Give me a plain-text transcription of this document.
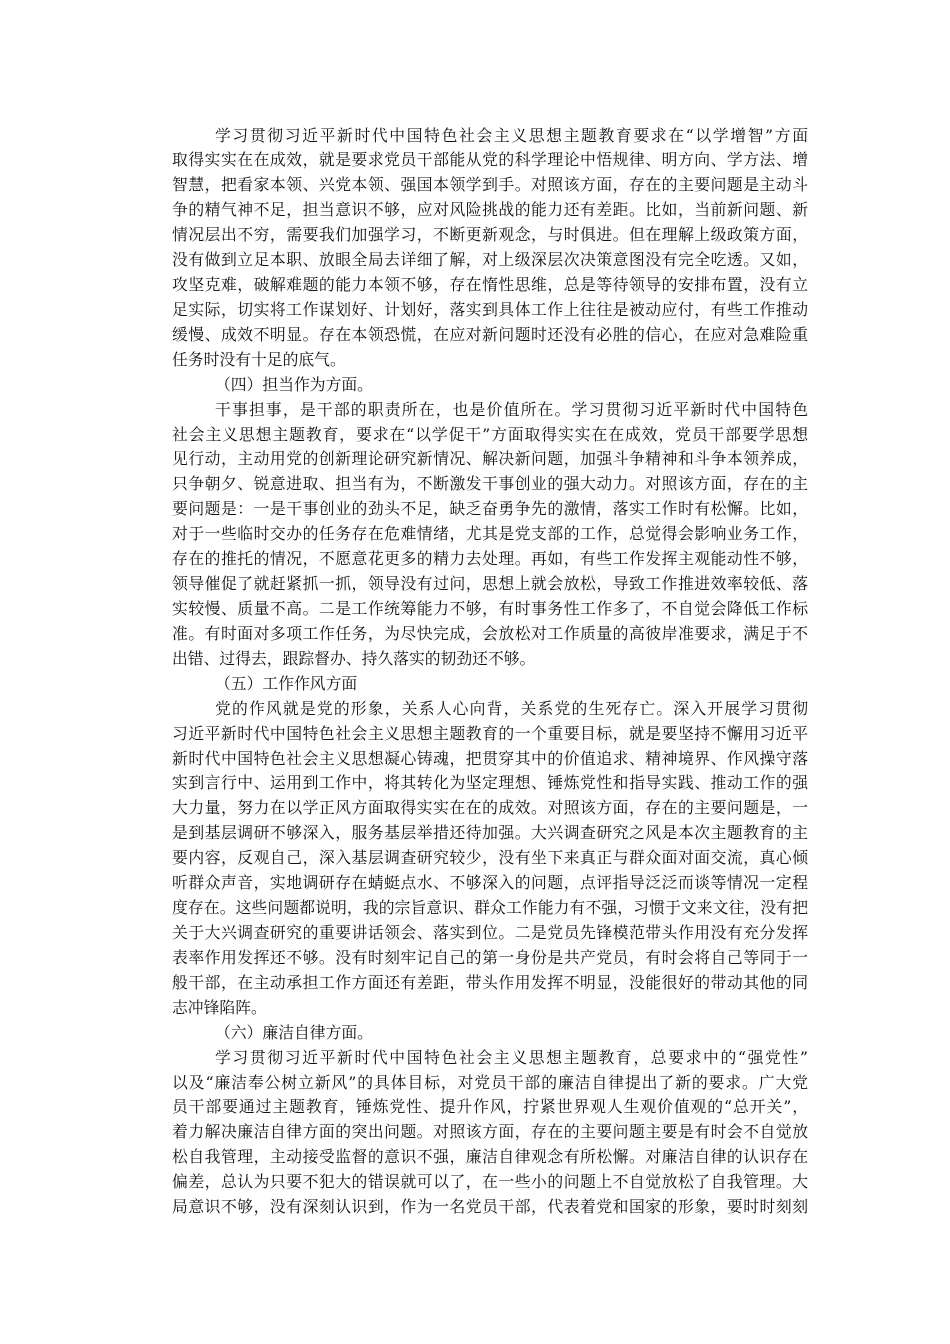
学习贯彻习近平新时代中国特色社会主义思想主题教育要求在“以学增智”方面
取得实实在在成效，就是要求党员干部能从党的科学理论中悟规律、明方向、学方法、增
智慧，把看家本领、兴党本领、强国本领学到手。对照该方面，存在的主要问题是主动斗
争的精气神不足，担当意识不够，应对风险挑战的能力还有差距。比如，当前新问题、新
情况层出不穷，需要我们加强学习，不断更新观念，与时俱进。但在理解上级政策方面，
没有做到立足本职、放眼全局去详细了解，对上级深层次决策意图没有完全吃透。又如，
攻坚克难，破解难题的能力本领不够，存在惰性思维，总是等待领导的安排布置，没有立
足实际，切实将工作谋划好、计划好，落实到具体工作上往往是被动应付，有些工作推动
缓慢、成效不明显。存在本领恐慌，在应对新问题时还没有必胜的信心，在应对急难险重
任务时没有十足的底气。
（四）担当作为方面。
干事担事，是干部的职责所在，也是价值所在。学习贯彻习近平新时代中国特色
社会主义思想主题教育，要求在“以学促干”方面取得实实在在成效，党员干部要学思想
见行动，主动用党的创新理论研究新情况、解决新问题，加强斗争精神和斗争本领养成，
只争朝夕、锐意进取、担当有为，不断激发干事创业的强大动力。对照该方面，存在的主
要问题是：一是干事创业的劲头不足，缺乏奋勇争先的激情，落实工作时有松懈。比如，
对于一些临时交办的任务存在危难情绪，尤其是党支部的工作，总觉得会影响业务工作，
存在的推托的情况，不愿意花更多的精力去处理。再如，有些工作发挥主观能动性不够，
领导催促了就赶紧抓一抓，领导没有过问，思想上就会放松，导致工作推进效率较低、落
实较慢、质量不高。二是工作统筹能力不够，有时事务性工作多了，不自觉会降低工作标
准。有时面对多项工作任务，为尽快完成，会放松对工作质量的高彼岸准要求，满足于不
出错、过得去，跟踪督办、持久落实的韧劲还不够。
（五）工作作风方面
党的作风就是党的形象，关系人心向背，关系党的生死存亡。深入开展学习贯彻
习近平新时代中国特色社会主义思想主题教育的一个重要目标，就是要坚持不懈用习近平
新时代中国特色社会主义思想凝心铸魂，把贯穿其中的价值追求、精神境界、作风操守落
实到言行中、运用到工作中，将其转化为坚定理想、锤炼党性和指导实践、推动工作的强
大力量，努力在以学正风方面取得实实在在的成效。对照该方面，存在的主要问题是，一
是到基层调研不够深入，服务基层举措还待加强。大兴调查研究之风是本次主题教育的主
要内容，反观自己，深入基层调查研究较少，没有坐下来真正与群众面对面交流，真心倾
听群众声音，实地调研存在蜻蜓点水、不够深入的问题，点评指导泛泛而谈等情况一定程
度存在。这些问题都说明，我的宗旨意识、群众工作能力有不强，习惯于文来文往，没有把
关于大兴调查研究的重要讲话领会、落实到位。二是党员先锋模范带头作用没有充分发挥
表率作用发挥还不够。没有时刻牢记自己的第一身份是共产党员，有时会将自己等同于一
般干部，在主动承担工作方面还有差距，带头作用发挥不明显，没能很好的带动其他的同
志冲锋陷阵。
（六）廉洁自律方面。
学习贯彻习近平新时代中国特色社会主义思想主题教育，总要求中的“强党性”
以及“廉洁奉公树立新风”的具体目标，对党员干部的廉洁自律提出了新的要求。广大党
员干部要通过主题教育，锤炼党性、提升作风，拧紧世界观人生观价值观的“总开关”，
着力解决廉洁自律方面的突出问题。对照该方面，存在的主要问题主要是有时会不自觉放
松自我管理，主动接受监督的意识不强，廉洁自律观念有所松懈。对廉洁自律的认识存在
偏差，总认为只要不犯大的错误就可以了，在一些小的问题上不自觉放松了自我管理。大
局意识不够，没有深刻认识到，作为一名党员干部，代表着党和国家的形象，要时时刻刻
